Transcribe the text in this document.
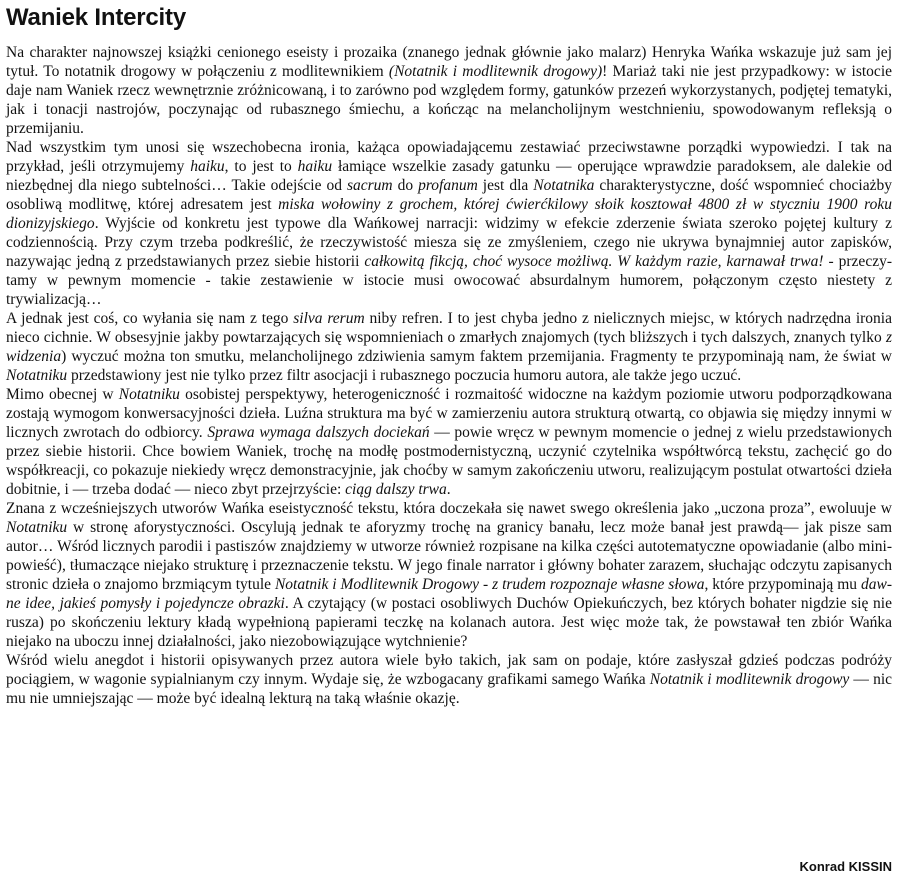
Waniek Intercity

Na charakter najnowszej książki cenionego eseisty i prozaika (znanego jednak głównie jako malarz) Henryka Wańka wskazuje już sam jej tytuł. To notatnik drogowy w połączeniu z modlitewnikiem (Notatnik i modlitewnik drogowy)! Mariaż taki nie jest przypadkowy: w istocie daje nam Waniek rzecz wewnętrznie zróżnicowaną, i to zarówno pod względem formy, gatunków przezeń wykorzystanych, podjętej tematyki, jak i tonacji nastrojów, poczynając od rubasznego śmiechu, a kończąc na melancholijnym westchnieniu, spowodowanym refleksją o przemijaniu.

Nad wszystkim tym unosi się wszechobecna ironia, każąca opowiadającemu zestawiać przeciwstawne porządki wypowiedzi. I tak na przykład, jeśli otrzymujemy haiku, to jest to haiku łamiące wszelkie zasady gatunku — operujące wprawdzie paradoksem, ale dalekie od niezbędnej dla niego subtelności… Takie odejście od sacrum do profanum jest dla Notatnika charakterystyczne, dość wspomnieć chociażby osobliwą modlitwę, której adresatem jest miska wołowiny z grochem, której ćwierćkilowy słoik kosztował 4800 zł w styczniu 1900 roku dionizyjskiego. Wyjście od konkretu jest typowe dla Wańkowej narracji: widzimy w efekcie zderzenie świata szeroko pojętej kultury z codziennością. Przy czym trzeba podkreślić, że rzeczywistość miesza się ze zmyśleniem, czego nie ukrywa bynajmniej autor zapisków, nazywając jedną z przedstawianych przez siebie historii całkowitą fikcją, choć wysoce możliwą. W każdym razie, karnawał trwa! - przeczytamy w pewnym momencie - takie zestawienie w istocie musi owocować absurdalnym humorem, połączonym często niestety z trywializacją…

A jednak jest coś, co wyłania się nam z tego silva rerum niby refren. I to jest chyba jedno z nielicznych miejsc, w których nadrzędna ironia nieco cichnie. W obsesyjnie jakby powtarzających się wspomnieniach o zmarłych znajomych (tych bliższych i tych dalszych, znanych tylko z widzenia) wyczuć można ton smutku, melancholijnego zdziwienia samym faktem przemijania. Fragmenty te przypominają nam, że świat w Notatniku przedstawiony jest nie tylko przez filtr asocjacji i rubasznego poczucia humoru autora, ale także jego uczuć.

Mimo obecnej w Notatniku osobistej perspektywy, heterogeniczność i rozmaitość widoczne na każdym poziomie utworu podporządkowana zostają wymogom konwersacyjności dzieła. Luźna struktura ma być w zamierzeniu autora strukturą otwartą, co objawia się między innymi w licznych zwrotach do odbiorcy. Sprawa wymaga dalszych dociekań — powie wręcz w pewnym momencie o jednej z wielu przedstawionych przez siebie historii. Chce bowiem Waniek, trochę na modłę postmodernistyczną, uczynić czytelnika współtwórcą tekstu, zachęcić go do współkreacji, co pokazuje niekiedy wręcz demonstracyjnie, jak choćby w samym zakończeniu utworu, realizującym postulat otwartości dzieła dobitnie, i — trzeba dodać — nieco zbyt przejrzyście: ciąg dalszy trwa.

Znana z wcześniejszych utworów Wańka eseistyczność tekstu, która doczekała się nawet swego określenia jako „uczona proza”, ewoluuje w Notatniku w stronę aforystyczności. Oscylują jednak te aforyzmy trochę na granicy banału, lecz może banał jest prawdą— jak pisze sam autor… Wśród licznych parodii i pastiszów znajdziemy w utworze również rozpisane na kilka części autotematyczne opowiadanie (albo mini-powieść), tłumaczące niejako strukturę i przeznaczenie tekstu. W jego finale narrator i główny bohater zarazem, słuchając odczytu zapisanych stronic dzieła o znajomo brzmiącym tytule Notatnik i Modlitewnik Drogowy - z trudem rozpoznaje własne słowa, które przypominają mu dawne idee, jakieś pomysły i pojedyncze obrazki. A czytający (w postaci osobliwych Duchów Opiekuńczych, bez których bohater nigdzie się nie rusza) po skończeniu lektury kładą wypełnioną papierami teczkę na kolanach autora. Jest więc może tak, że powstawał ten zbiór Wańka niejako na uboczu innej działalności, jako niezobowiązujące wytchnienie?

Wśród wielu anegdot i historii opisywanych przez autora wiele było takich, jak sam on podaje, które zasłyszał gdzieś podczas podróży pociągiem, w wagonie sypialnianym czy innym. Wydaje się, że wzbogacany grafikami samego Wańka Notatnik i modlitewnik drogowy — nic mu nie umniejszając — może być idealną lekturą na taką właśnie okazję.

Konrad KISSIN
